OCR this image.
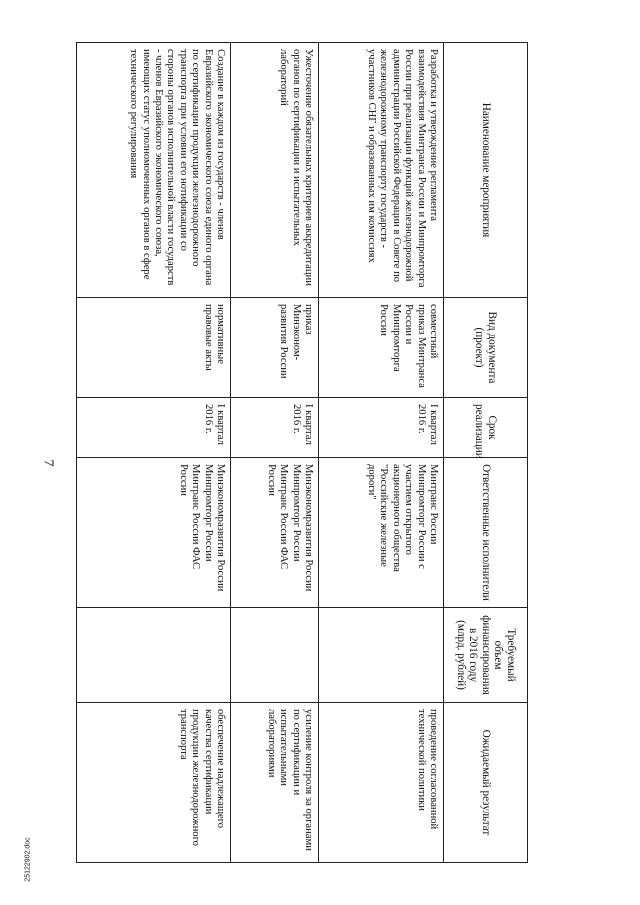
Наименование мероприятия	Вид документа (проект)	Срок реализации	Ответственные исполнители	Требуемый объем финансирования в 2016 году (млрд. рублей)	Ожидаемый результат
Разработка и утверждение регламента взаимодействия Минтранса России и Минпромторга России при реализации функций железнодорожной администрации Российской Федерации в Совете по железнодорожному транспорту государств - участников СНГ и образованных им комиссиях	совместный приказ Минтранса России и Минпромторга России	I квартал 2016 г.	Минтранс России Минпромторг России с участием открытого акционерного общества "Российские железные дороги"		проведение согласованной технической политики
Ужесточение обязательных критериев аккредитации органов по сертификации и испытательных лабораторий	приказ Минэконом-развития России	I квартал 2016 г.	Минэкономразвития России Минпромторг России Минтранс России ФАС России		усиление контроля за органами по сертификации и испытательными лабораториями
Создание в каждом из государств - членов Евразийского экономического союза единого органа по сертификации продукции железнодорожного транспорта при условии его нотификации со стороны органов исполнительной власти государств - членов Евразийского экономического союза, имеющих статус уполномоченных органов в сфере технического регулирования	нормативные правовые акты	I квартал 2016 г.	Минэкономразвития России Минпромторг России Минтранс России ФАС России		обеспечение надлежащего качества сертификации продукции железнодорожного транспорта
7
25122902.doc
